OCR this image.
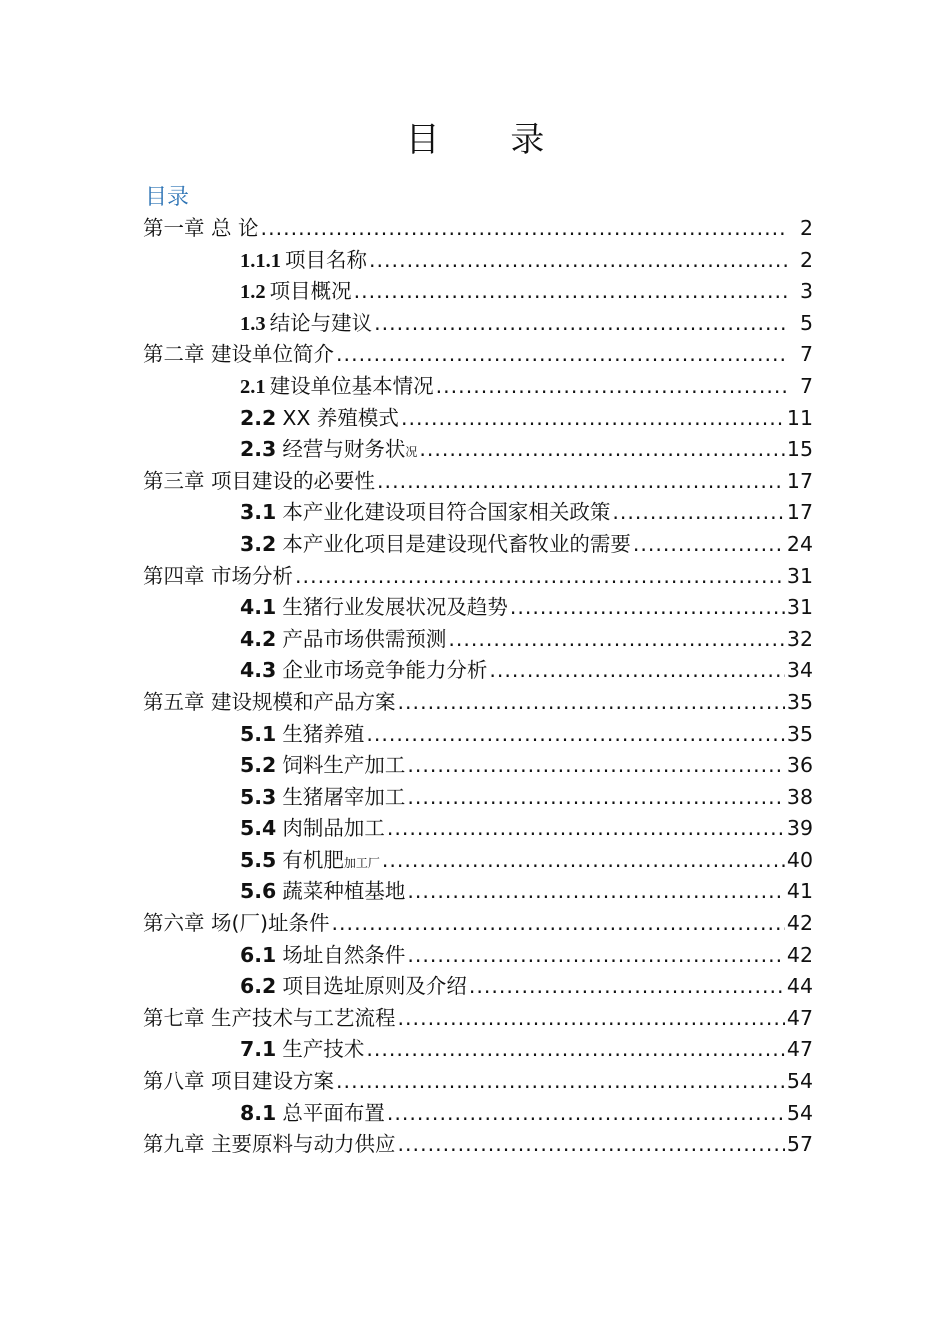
目 录
目录
第一章 总 论 .....	2
1.1.1 项目名称 .....	2
1.2 项目概况 .....	3
1.3 结论与建议 .....	5
第二章 建设单位简介 .....	7
2.1 建设单位基本情况 .....	7
2.2 XX 养殖模式 .....	11
2.3 经营与财务状 况 .....	15
第三章 项目建设的必要性 .....	17
3.1 本产业化建设项目符合国家相关政策 .....	17
3.2 本产业化项目是建设现代畜牧业的需要 .....	24
第四章 市场分析 .....	31
4.1 生猪行业发展状况及趋势 .....	31
4.2 产品市场供需预测 .....	32
4.3 企业市场竞争能力分析 .....	34
第五章 建设规模和产品方案 .....	35
5.1 生猪养殖 .....	35
5.2 饲料生产加工 .....	36
5.3 生猪屠宰加工 .....	38
5.4 肉制品加工 .....	39
5.5 有机肥 加工厂 .....	40
5.6 蔬菜种植基地 .....	41
第六章 场(厂)址条件 .....	42
6.1 场址自然条件 .....	42
6.2 项目选址原则及介绍 .....	44
第七章 生产技术与工艺流程 .....	47
7.1 生产技术 .....	47
第八章 项目建设方案 .....	54
8.1 总平面布置 .....	54
第九章 主要原料与动力供应 .....	57
